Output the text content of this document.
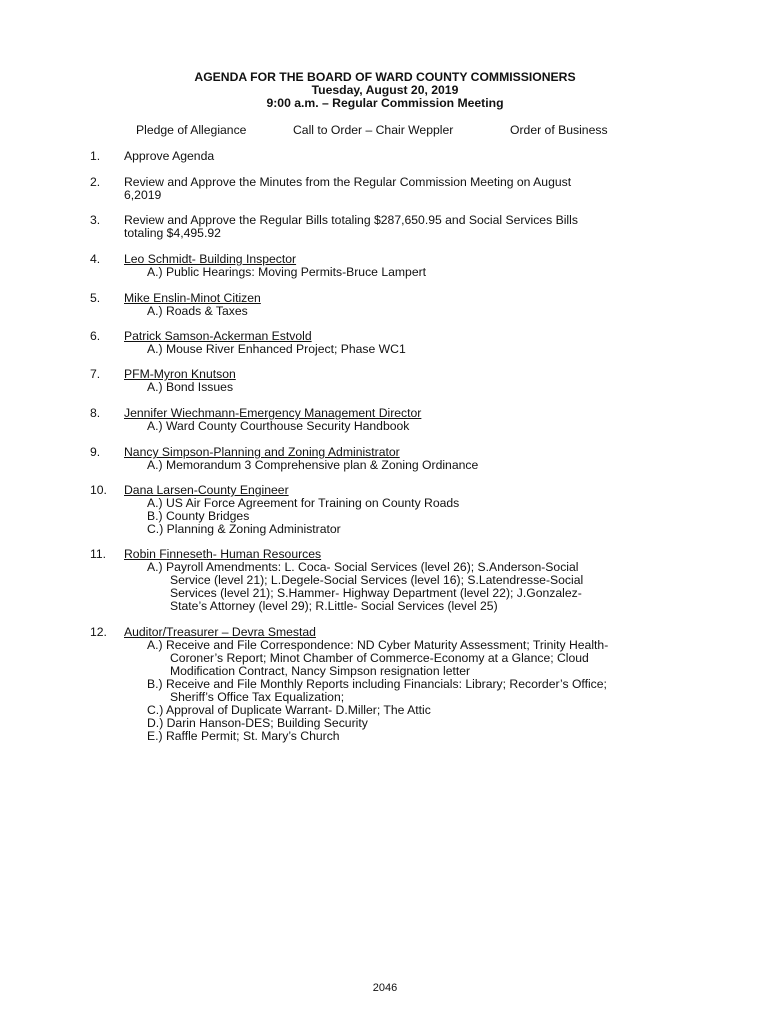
AGENDA FOR THE BOARD OF WARD COUNTY COMMISSIONERS
Tuesday, August 20, 2019
9:00 a.m. – Regular Commission Meeting
Pledge of Allegiance	Call to Order – Chair Weppler	Order of Business
1.	Approve Agenda
2.	Review and Approve the Minutes from the Regular Commission Meeting on August
6,2019
3.	Review and Approve the Regular Bills totaling $287,650.95 and Social Services Bills
totaling $4,495.92
4.	Leo Schmidt- Building Inspector
A.) Public Hearings: Moving Permits-Bruce Lampert
5.	Mike Enslin-Minot Citizen
A.) Roads & Taxes
6.	Patrick Samson-Ackerman Estvold
A.) Mouse River Enhanced Project; Phase WC1
7.	PFM-Myron Knutson
A.) Bond Issues
8.	Jennifer Wiechmann-Emergency Management Director
A.) Ward County Courthouse Security Handbook
9.	Nancy Simpson-Planning and Zoning Administrator
A.) Memorandum 3 Comprehensive plan & Zoning Ordinance
10.	Dana Larsen-County Engineer
A.) US Air Force Agreement for Training on County Roads
B.) County Bridges
C.) Planning & Zoning Administrator
11.	Robin Finneseth- Human Resources
A.) Payroll Amendments: L. Coca- Social Services (level 26); S.Anderson-Social
Service (level 21); L.Degele-Social Services (level 16); S.Latendresse-Social
Services (level 21); S.Hammer- Highway Department (level 22); J.Gonzalez-
State’s Attorney (level 29); R.Little- Social Services (level 25)
12.	Auditor/Treasurer – Devra Smestad
A.) Receive and File Correspondence: ND Cyber Maturity Assessment; Trinity Health-
Coroner’s Report; Minot Chamber of Commerce-Economy at a Glance; Cloud
Modification Contract, Nancy Simpson resignation letter
B.) Receive and File Monthly Reports including Financials: Library; Recorder’s Office;
Sheriff’s Office Tax Equalization;
C.) Approval of Duplicate Warrant- D.Miller; The Attic
D.) Darin Hanson-DES; Building Security
E.) Raffle Permit; St. Mary’s Church
2046
